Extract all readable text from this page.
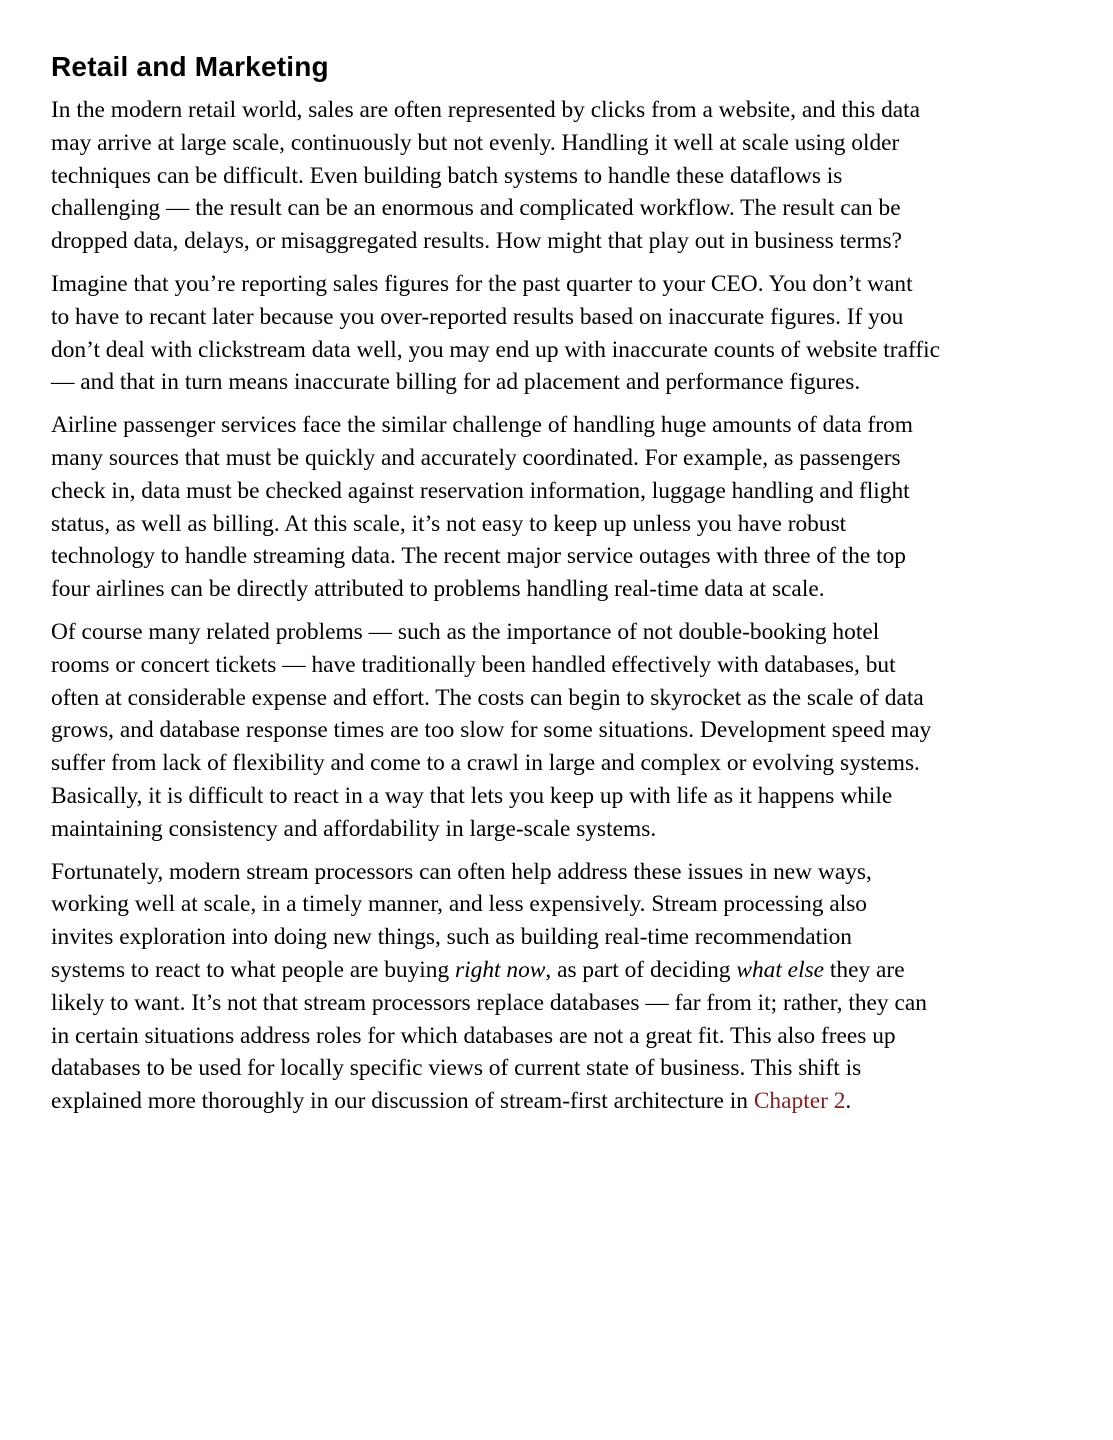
Retail and Marketing

In the modern retail world, sales are often represented by clicks from a website, and this data
may arrive at large scale, continuously but not evenly. Handling it well at scale using older
techniques can be difficult. Even building batch systems to handle these dataflows is
challenging — the result can be an enormous and complicated workflow. The result can be
dropped data, delays, or misaggregated results. How might that play out in business terms?

Imagine that you’re reporting sales figures for the past quarter to your CEO. You don’t want
to have to recant later because you over-reported results based on inaccurate figures. If you
don’t deal with clickstream data well, you may end up with inaccurate counts of website traffic
— and that in turn means inaccurate billing for ad placement and performance figures.

Airline passenger services face the similar challenge of handling huge amounts of data from
many sources that must be quickly and accurately coordinated. For example, as passengers
check in, data must be checked against reservation information, luggage handling and flight
status, as well as billing. At this scale, it’s not easy to keep up unless you have robust
technology to handle streaming data. The recent major service outages with three of the top
four airlines can be directly attributed to problems handling real-time data at scale.

Of course many related problems — such as the importance of not double-booking hotel
rooms or concert tickets — have traditionally been handled effectively with databases, but
often at considerable expense and effort. The costs can begin to skyrocket as the scale of data
grows, and database response times are too slow for some situations. Development speed may
suffer from lack of flexibility and come to a crawl in large and complex or evolving systems.
Basically, it is difficult to react in a way that lets you keep up with life as it happens while
maintaining consistency and affordability in large-scale systems.

Fortunately, modern stream processors can often help address these issues in new ways,
working well at scale, in a timely manner, and less expensively. Stream processing also
invites exploration into doing new things, such as building real-time recommendation
systems to react to what people are buying right now, as part of deciding what else they are
likely to want. It’s not that stream processors replace databases — far from it; rather, they can
in certain situations address roles for which databases are not a great fit. This also frees up
databases to be used for locally specific views of current state of business. This shift is
explained more thoroughly in our discussion of stream-first architecture in Chapter 2.
